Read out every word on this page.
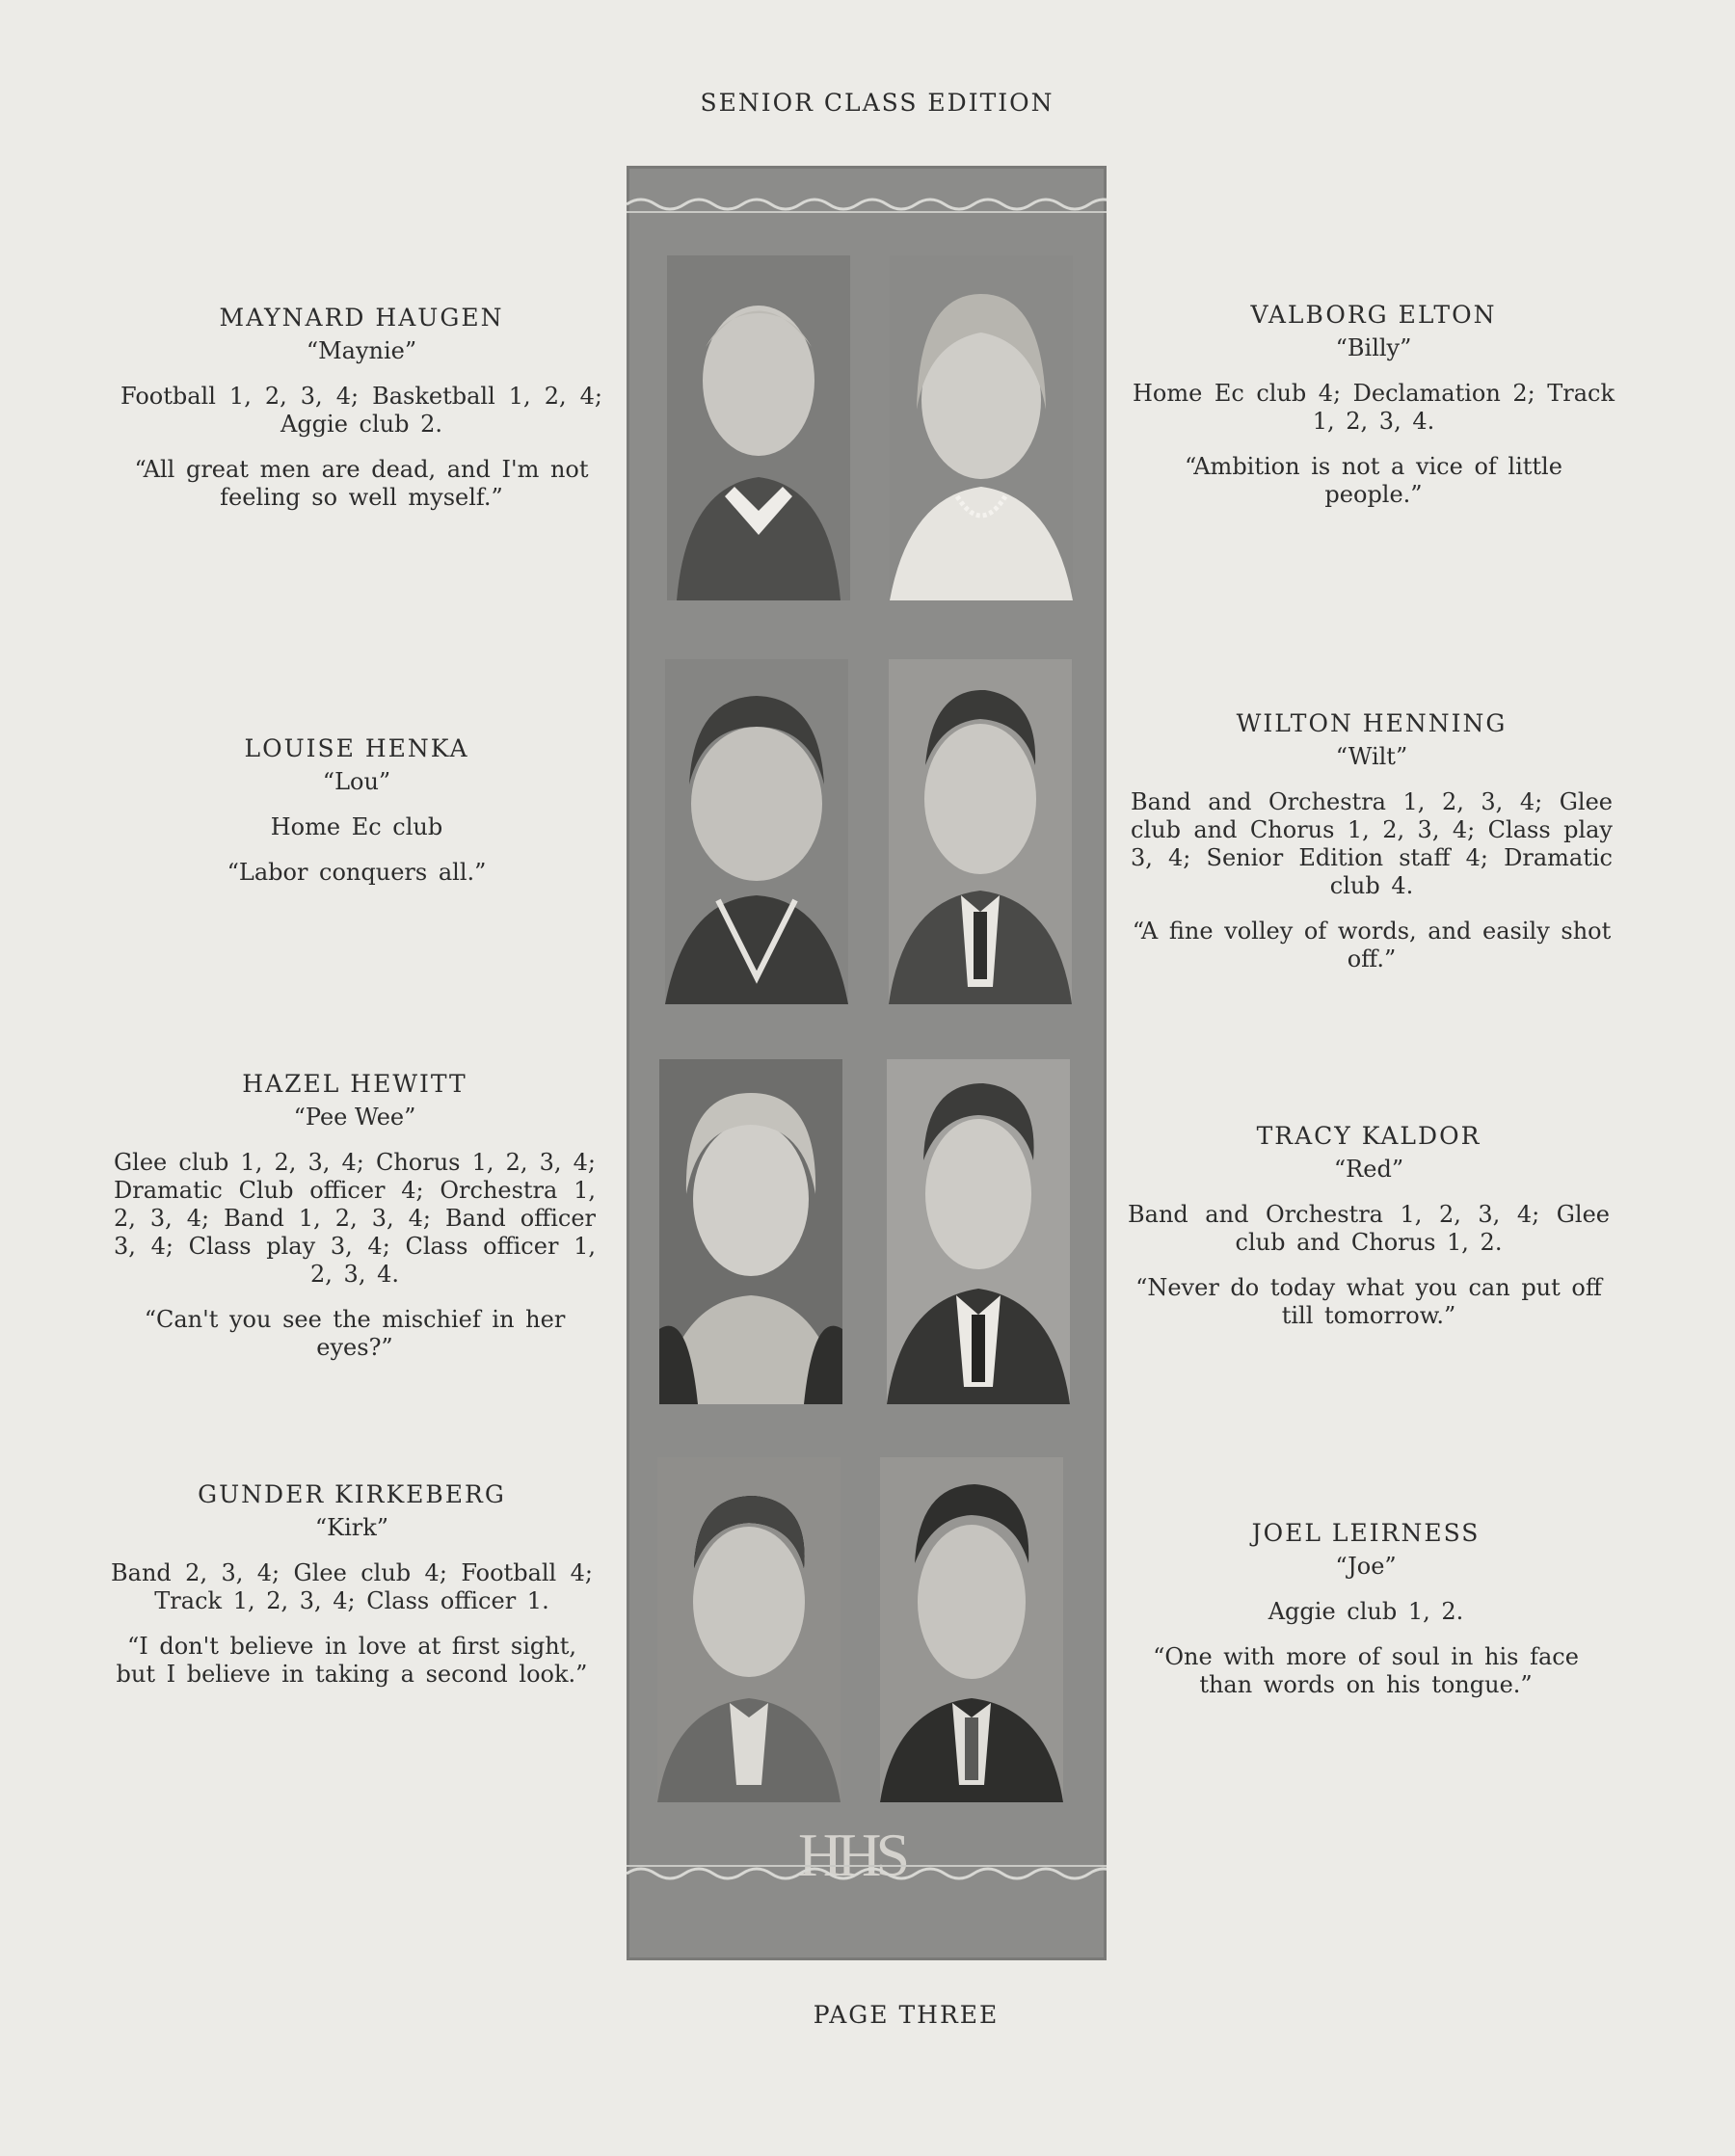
SENIOR CLASS EDITION
MAYNARD HAUGEN
“Maynie”
Football 1, 2, 3, 4; Basketball 1, 2, 4; Aggie club 2.
“All great men are dead, and I'm not feeling so well myself.”
LOUISE HENKA
“Lou”
Home Ec club
“Labor conquers all.”
HAZEL HEWITT
“Pee Wee”
Glee club 1, 2, 3, 4; Chorus 1, 2, 3, 4; Dramatic Club officer 4; Orchestra 1, 2, 3, 4; Band 1, 2, 3, 4; Band officer 3, 4; Class play 3, 4; Class officer 1, 2, 3, 4.
“Can't you see the mischief in her eyes?”
GUNDER KIRKEBERG
“Kirk”
Band 2, 3, 4; Glee club 4; Football 4; Track 1, 2, 3, 4; Class officer 1.
“I don't believe in love at first sight, but I believe in taking a second look.”
VALBORG ELTON
“Billy”
Home Ec club 4; Declamation 2; Track 1, 2, 3, 4.
“Ambition is not a vice of little people.”
WILTON HENNING
“Wilt”
Band and Orchestra 1, 2, 3, 4; Glee club and Chorus 1, 2, 3, 4; Class play 3, 4; Senior Edition staff 4; Dramatic club 4.
“A fine volley of words, and easily shot off.”
TRACY KALDOR
“Red”
Band and Orchestra 1, 2, 3, 4; Glee club and Chorus 1, 2.
“Never do today what you can put off till tomorrow.”
JOEL LEIRNESS
“Joe”
Aggie club 1, 2.
“One with more of soul in his face than words on his tongue.”
HHS
PAGE THREE
